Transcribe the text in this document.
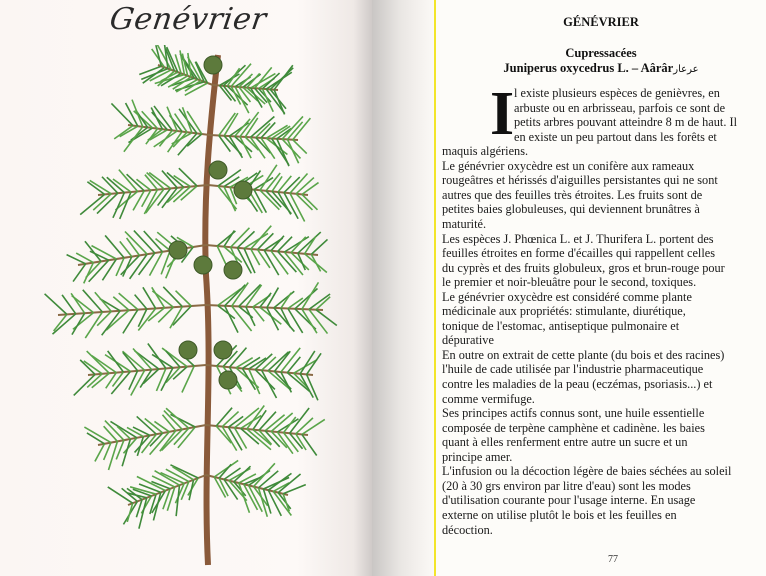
Genévrier	GÉNÉVRIER
Cupressacées
Juniperus oxycedrus L. – Aârârعرعار
I l existe plusieurs espèces de genièvres, en
arbuste ou en arbrisseau, parfois ce sont de
petits arbres pouvant atteindre 8 m de haut. Il
en existe un peu partout dans les forêts et
maquis algériens.
Le génévrier oxycèdre est un conifère aux rameaux
rougeâtres et hérissés d'aiguilles persistantes qui ne sont
autres que des feuilles très étroites. Les fruits sont de
petites baies globuleuses, qui deviennent brunâtres à
maturité.
Les espèces J. Phœnica L. et J. Thurifera L. portent des
feuilles étroites en forme d'écailles qui rappellent celles
du cyprès et des fruits globuleux, gros et brun-rouge pour
le premier et noir-bleuâtre pour le second, toxiques.
Le génévrier oxycèdre est considéré comme plante
médicinale aux propriétés: stimulante, diurétique,
tonique de l'estomac, antiseptique pulmonaire et
dépurative
En outre on extrait de cette plante (du bois et des racines)
l'huile de cade utilisée par l'industrie pharmaceutique
contre les maladies de la peau (eczémas, psoriasis...) et
comme vermifuge.
Ses principes actifs connus sont, une huile essentielle
composée de terpène camphène et cadinène. les baies
quant à elles renferment entre autre un sucre et un
principe amer.
L'infusion ou la décoction légère de baies séchées au soleil
(20 à 30 grs environ par litre d'eau) sont les modes
d'utilisation courante pour l'usage interne. En usage
externe on utilise plutôt le bois et les feuilles en
décoction.
77
